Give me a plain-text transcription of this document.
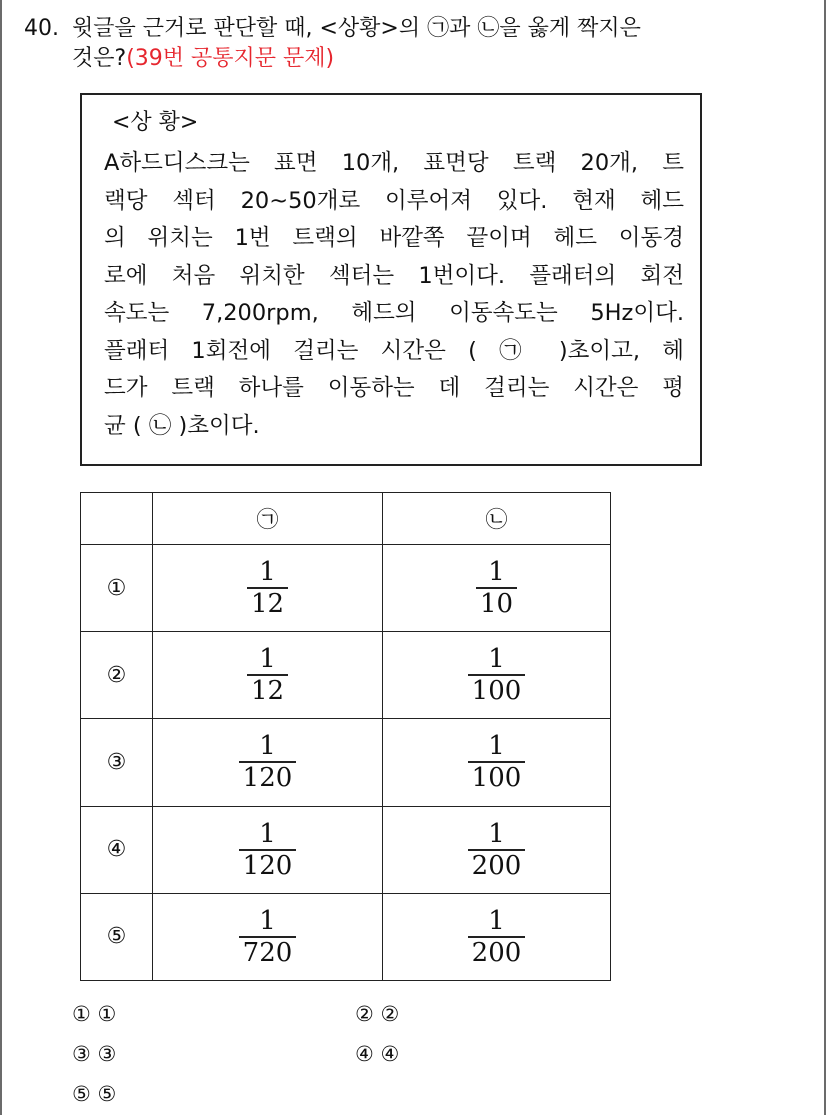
40. 윗글을 근거로 판단할 때, <상황>의 ㉠과 ㉡을 옳게 짝지은
것은?(39번 공통지문 문제)
<상 황>
A하드디스크는 표면 10개, 표면당 트랙 20개, 트
랙당 섹터 20~50개로 이루어져 있다. 현재 헤드
의 위치는 1번 트랙의 바깥쪽 끝이며 헤드 이동경
로에 처음 위치한 섹터는 1번이다. 플래터의 회전
속도는 7,200rpm, 헤드의 이동속도는 5Hz이다.
플래터 1회전에 걸리는 시간은 ( ㉠ )초이고, 헤
드가 트랙 하나를 이동하는 데 걸리는 시간은 평
균 ( ㉡ )초이다.
	㉠	㉡
①	$\frac{1}{12}$	$\frac{1}{10}$

②	$\frac{1}{12}$	$\frac{1}{100}$

③	$\frac{1}{120}$	$\frac{1}{100}$

④	$\frac{1}{120}$	$\frac{1}{200}$

⑤	$\frac{1}{720}$	$\frac{1}{200}$
① ①	② ②
③ ③	④ ④
⑤ ⑤
